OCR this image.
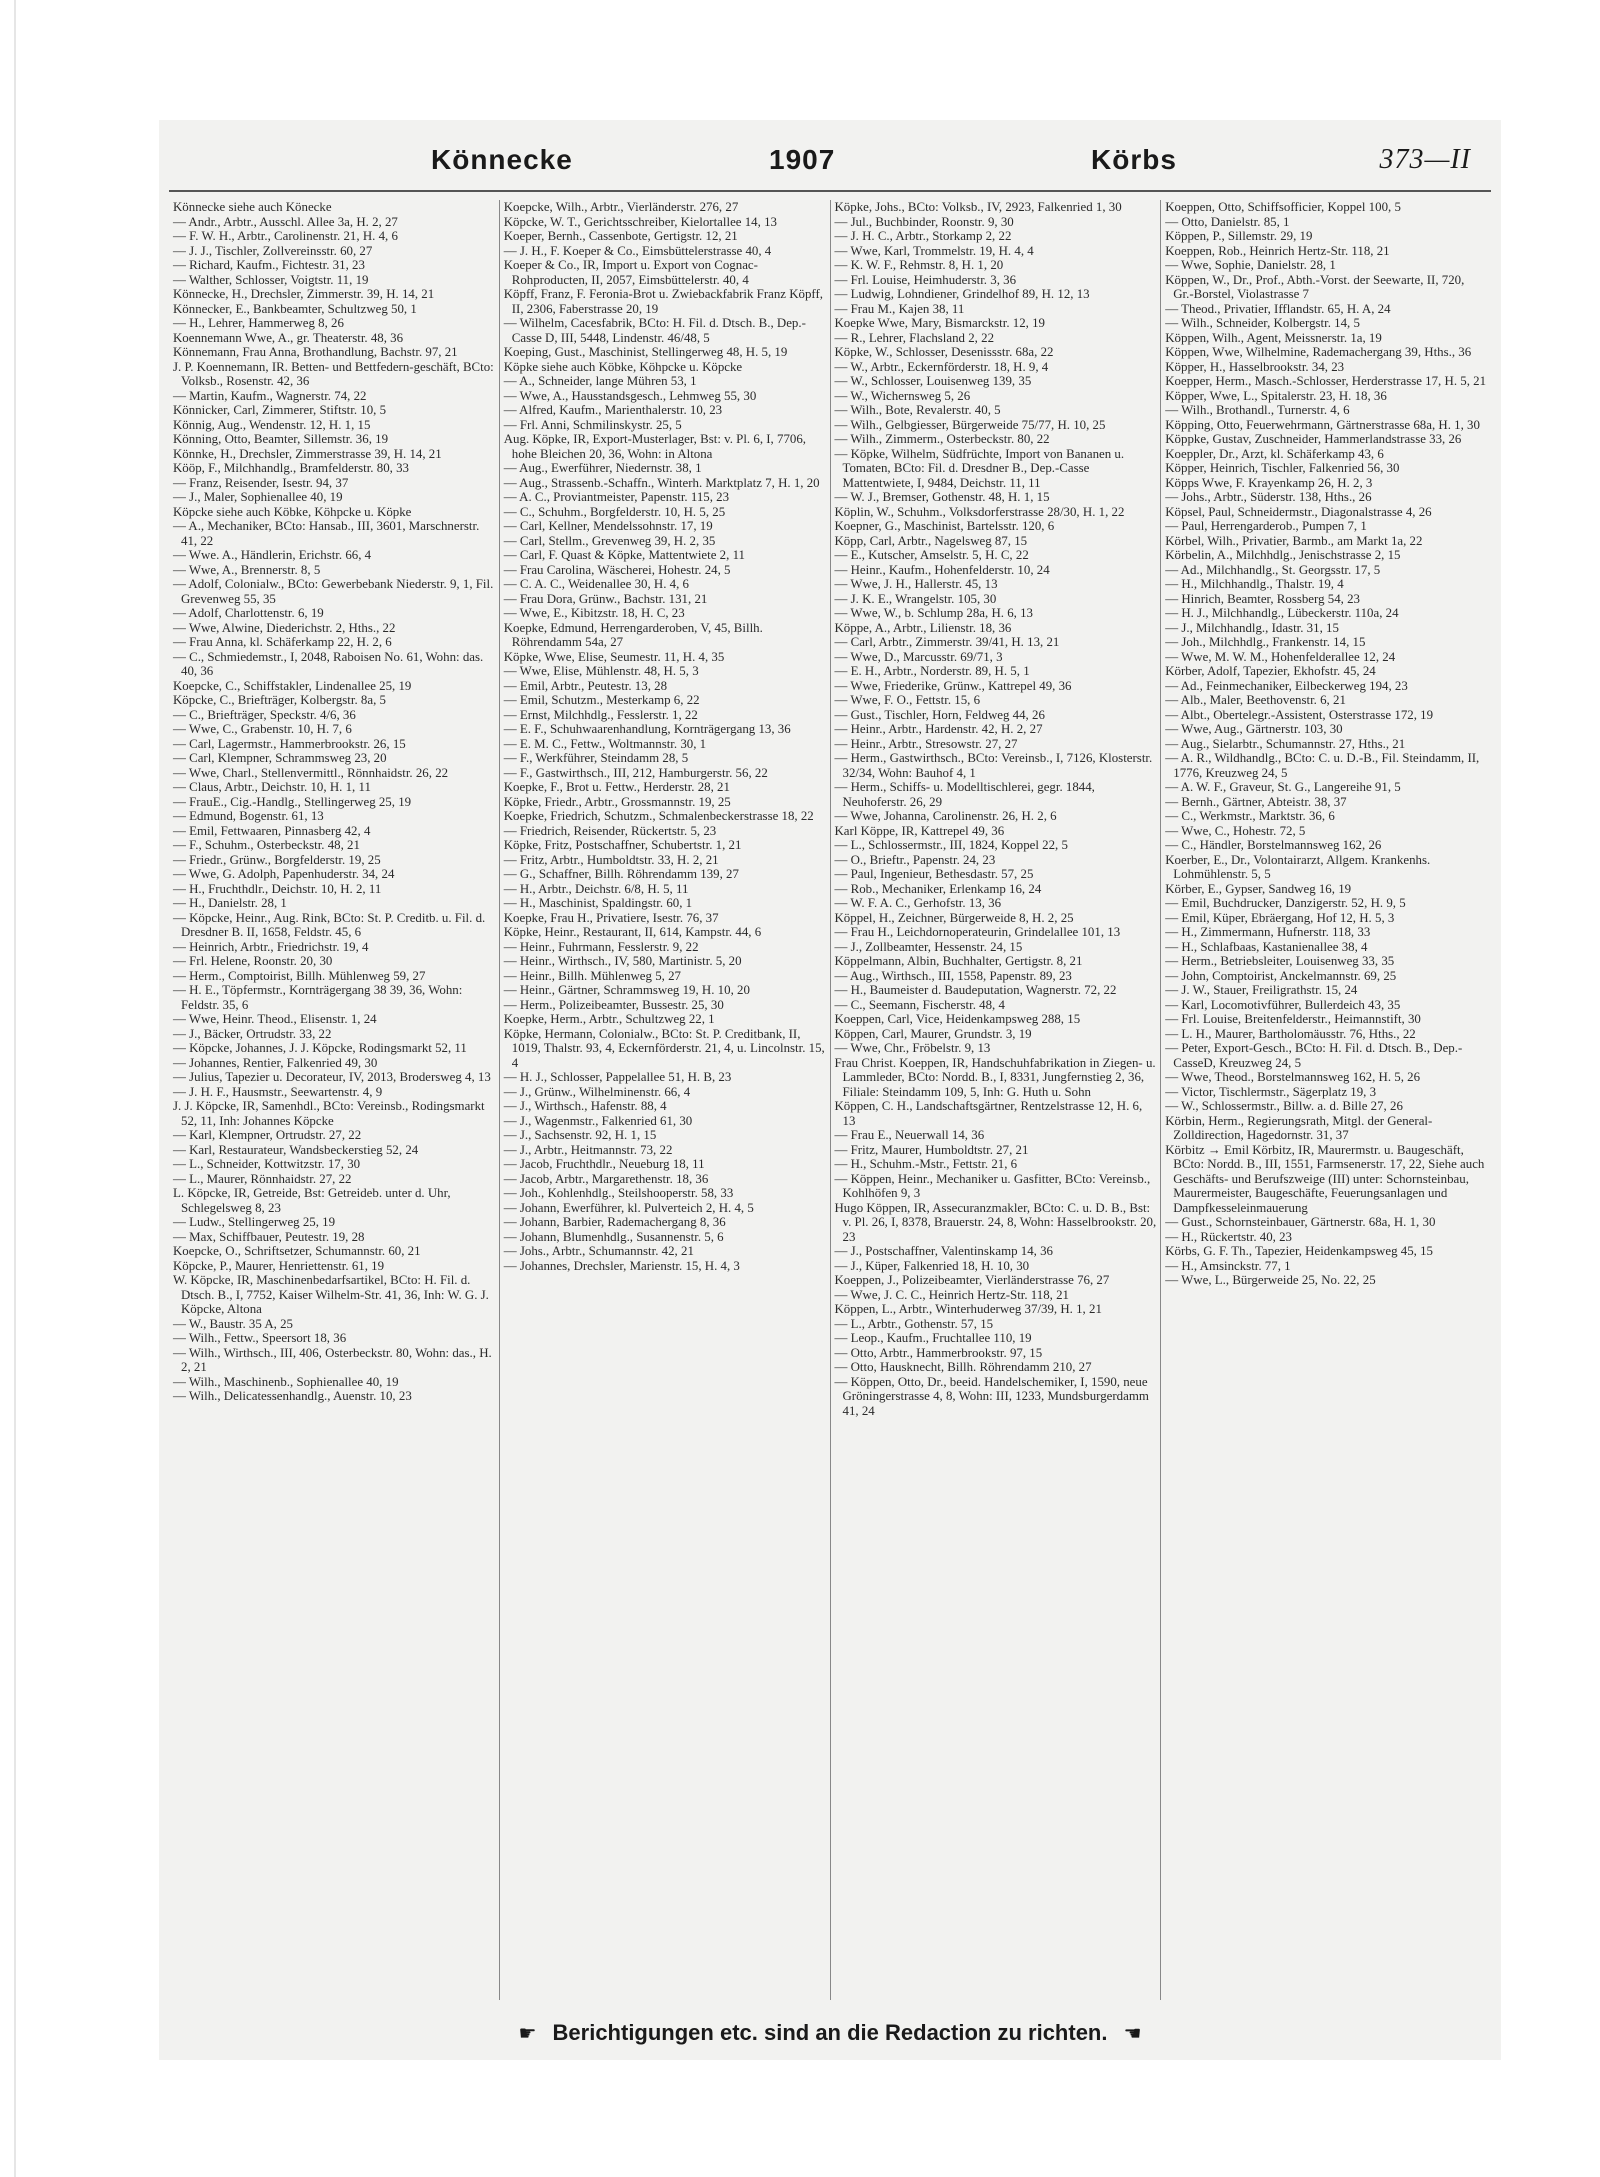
Könnecke	1907	Körbs	373—II

Könnecke siehe auch Könecke

— Andr., Arbtr., Ausschl. Allee 3a, H. 2, 27

— F. W. H., Arbtr., Carolinenstr. 21, H. 4, 6

— J. J., Tischler, Zollvereinsstr. 60, 27

— Richard, Kaufm., Fichtestr. 31, 23

— Walther, Schlosser, Voigtstr. 11, 19

Könnecke, H., Drechsler, Zimmerstr. 39, H. 14, 21

Könnecker, E., Bankbeamter, Schultzweg 50, 1

— H., Lehrer, Hammerweg 8, 26

Koennemann Wwe, A., gr. Theaterstr. 48, 36

Könnemann, Frau Anna, Brothandlung, Bachstr. 97, 21

J. P. Koennemann, IR. Betten- und Bettfedern-geschäft, BCto: Volksb., Rosenstr. 42, 36

— Martin, Kaufm., Wagnerstr. 74, 22

Könnicker, Carl, Zimmerer, Stiftstr. 10, 5

Könnig, Aug., Wendenstr. 12, H. 1, 15

Könning, Otto, Beamter, Sillemstr. 36, 19

Könnke, H., Drechsler, Zimmerstrasse 39, H. 14, 21

Kööp, F., Milchhandlg., Bramfelderstr. 80, 33

— Franz, Reisender, Isestr. 94, 37

— J., Maler, Sophienallee 40, 19

Köpcke siehe auch Köbke, Köhpcke u. Köpke

— A., Mechaniker, BCto: Hansab., III, 3601, Marschnerstr. 41, 22

— Wwe. A., Händlerin, Erichstr. 66, 4

— Wwe, A., Brennerstr. 8, 5

— Adolf, Colonialw., BCto: Gewerbebank Niederstr. 9, 1, Fil. Grevenweg 55, 35

— Adolf, Charlottenstr. 6, 19

— Wwe, Alwine, Diederichstr. 2, Hths., 22

— Frau Anna, kl. Schäferkamp 22, H. 2, 6

— C., Schmiedemstr., I, 2048, Raboisen No. 61, Wohn: das. 40, 36

Koepcke, C., Schiffstakler, Lindenallee 25, 19

Köpcke, C., Briefträger, Kolbergstr. 8a, 5

— C., Briefträger, Speckstr. 4/6, 36

— Wwe, C., Grabenstr. 10, H. 7, 6

— Carl, Lagermstr., Hammerbrookstr. 26, 15

— Carl, Klempner, Schrammsweg 23, 20

— Wwe, Charl., Stellenvermittl., Rönnhaidstr. 26, 22

— Claus, Arbtr., Deichstr. 10, H. 1, 11

— FrauE., Cig.-Handlg., Stellingerweg 25, 19

— Edmund, Bogenstr. 61, 13

— Emil, Fettwaaren, Pinnasberg 42, 4

— F., Schuhm., Osterbeckstr. 48, 21

— Friedr., Grünw., Borgfelderstr. 19, 25

— Wwe, G. Adolph, Papenhuderstr. 34, 24

— H., Fruchthdlr., Deichstr. 10, H. 2, 11

— H., Danielstr. 28, 1

— Köpcke, Heinr., Aug. Rink, BCto: St. P. Creditb. u. Fil. d. Dresdner B. II, 1658, Feldstr. 45, 6

— Heinrich, Arbtr., Friedrichstr. 19, 4

— Frl. Helene, Roonstr. 20, 30

— Herm., Comptoirist, Billh. Mühlenweg 59, 27

— H. E., Töpfermstr., Kornträgergang 38 39, 36, Wohn: Feldstr. 35, 6

— Wwe, Heinr. Theod., Elisenstr. 1, 24

— J., Bäcker, Ortrudstr. 33, 22

— Köpcke, Johannes, J. J. Köpcke, Rodingsmarkt 52, 11

— Johannes, Rentier, Falkenried 49, 30

— Julius, Tapezier u. Decorateur, IV, 2013, Brodersweg 4, 13

— J. H. F., Hausmstr., Seewartenstr. 4, 9

J. J. Köpcke, IR, Samenhdl., BCto: Vereinsb., Rodingsmarkt 52, 11, Inh: Johannes Köpcke

— Karl, Klempner, Ortrudstr. 27, 22

— Karl, Restaurateur, Wandsbeckerstieg 52, 24

— L., Schneider, Kottwitzstr. 17, 30

— L., Maurer, Rönnhaidstr. 27, 22

L. Köpcke, IR, Getreide, Bst: Getreideb. unter d. Uhr, Schlegelsweg 8, 23

— Ludw., Stellingerweg 25, 19

— Max, Schiffbauer, Peutestr. 19, 28

Koepcke, O., Schriftsetzer, Schumannstr. 60, 21

Köpcke, P., Maurer, Henriettenstr. 61, 19

W. Köpcke, IR, Maschinenbedarfsartikel, BCto: H. Fil. d. Dtsch. B., I, 7752, Kaiser Wilhelm-Str. 41, 36, Inh: W. G. J. Köpcke, Altona

— W., Baustr. 35 A, 25

— Wilh., Fettw., Speersort 18, 36

— Wilh., Wirthsch., III, 406, Osterbeckstr. 80, Wohn: das., H. 2, 21

— Wilh., Maschinenb., Sophienallee 40, 19

— Wilh., Delicatessenhandlg., Auenstr. 10, 23

Koepcke, Wilh., Arbtr., Vierländerstr. 276, 27

Köpcke, W. T., Gerichtsschreiber, Kielortallee 14, 13

Koeper, Bernh., Cassenbote, Gertigstr. 12, 21

— J. H., F. Koeper & Co., Eimsbüttelerstrasse 40, 4

Koeper & Co., IR, Import u. Export von Cognac-Rohproducten, II, 2057, Eimsbüttelerstr. 40, 4

Köpff, Franz, F. Feronia-Brot u. Zwiebackfabrik Franz Köpff, II, 2306, Faberstrasse 20, 19

— Wilhelm, Cacesfabrik, BCto: H. Fil. d. Dtsch. B., Dep.-Casse D, III, 5448, Lindenstr. 46/48, 5

Koeping, Gust., Maschinist, Stellingerweg 48, H. 5, 19

Köpke siehe auch Köbke, Köhpcke u. Köpcke

— A., Schneider, lange Mühren 53, 1

— Wwe, A., Hausstandsgesch., Lehmweg 55, 30

— Alfred, Kaufm., Marienthalerstr. 10, 23

— Frl. Anni, Schmilinskystr. 25, 5

Aug. Köpke, IR, Export-Musterlager, Bst: v. Pl. 6, I, 7706, hohe Bleichen 20, 36, Wohn: in Altona

— Aug., Ewerführer, Niedernstr. 38, 1

— Aug., Strassenb.-Schaffn., Winterh. Marktplatz 7, H. 1, 20

— A. C., Proviantmeister, Papenstr. 115, 23

— C., Schuhm., Borgfelderstr. 10, H. 5, 25

— Carl, Kellner, Mendelssohnstr. 17, 19

— Carl, Stellm., Grevenweg 39, H. 2, 35

— Carl, F. Quast & Köpke, Mattentwiete 2, 11

— Frau Carolina, Wäscherei, Hohestr. 24, 5

— C. A. C., Weidenallee 30, H. 4, 6

— Frau Dora, Grünw., Bachstr. 131, 21

— Wwe, E., Kibitzstr. 18, H. C, 23

Koepke, Edmund, Herrengarderoben, V, 45, Billh. Röhrendamm 54a, 27

Köpke, Wwe, Elise, Seumestr. 11, H. 4, 35

— Wwe, Elise, Mühlenstr. 48, H. 5, 3

— Emil, Arbtr., Peutestr. 13, 28

— Emil, Schutzm., Mesterkamp 6, 22

— Ernst, Milchhdlg., Fesslerstr. 1, 22

— E. F., Schuhwaarenhandlung, Kornträgergang 13, 36

— E. M. C., Fettw., Woltmannstr. 30, 1

— F., Werkführer, Steindamm 28, 5

— F., Gastwirthsch., III, 212, Hamburgerstr. 56, 22

Koepke, F., Brot u. Fettw., Herderstr. 28, 21

Köpke, Friedr., Arbtr., Grossmannstr. 19, 25

Koepke, Friedrich, Schutzm., Schmalenbeckerstrasse 18, 22

— Friedrich, Reisender, Rückertstr. 5, 23

Köpke, Fritz, Postschaffner, Schubertstr. 1, 21

— Fritz, Arbtr., Humboldtstr. 33, H. 2, 21

— G., Schaffner, Billh. Röhrendamm 139, 27

— H., Arbtr., Deichstr. 6/8, H. 5, 11

— H., Maschinist, Spaldingstr. 60, 1

Koepke, Frau H., Privatiere, Isestr. 76, 37

Köpke, Heinr., Restaurant, II, 614, Kampstr. 44, 6

— Heinr., Fuhrmann, Fesslerstr. 9, 22

— Heinr., Wirthsch., IV, 580, Martinistr. 5, 20

— Heinr., Billh. Mühlenweg 5, 27

— Heinr., Gärtner, Schrammsweg 19, H. 10, 20

— Herm., Polizeibeamter, Bussestr. 25, 30

Koepke, Herm., Arbtr., Schultzweg 22, 1

Köpke, Hermann, Colonialw., BCto: St. P. Creditbank, II, 1019, Thalstr. 93, 4, Eckernförderstr. 21, 4, u. Lincolnstr. 15, 4

— H. J., Schlosser, Pappelallee 51, H. B, 23

— J., Grünw., Wilhelminenstr. 66, 4

— J., Wirthsch., Hafenstr. 88, 4

— J., Wagenmstr., Falkenried 61, 30

— J., Sachsenstr. 92, H. 1, 15

— J., Arbtr., Heitmannstr. 73, 22

— Jacob, Fruchthdlr., Neueburg 18, 11

— Jacob, Arbtr., Margarethenstr. 18, 36

— Joh., Kohlenhdlg., Steilshooperstr. 58, 33

— Johann, Ewerführer, kl. Pulverteich 2, H. 4, 5

— Johann, Barbier, Rademachergang 8, 36

— Johann, Blumenhdlg., Susannenstr. 5, 6

— Johs., Arbtr., Schumannstr. 42, 21

— Johannes, Drechsler, Marienstr. 15, H. 4, 3

Köpke, Johs., BCto: Volksb., IV, 2923, Falkenried 1, 30

— Jul., Buchbinder, Roonstr. 9, 30

— J. H. C., Arbtr., Storkamp 2, 22

— Wwe, Karl, Trommelstr. 19, H. 4, 4

— K. W. F., Rehmstr. 8, H. 1, 20

— Frl. Louise, Heimhuderstr. 3, 36

— Ludwig, Lohndiener, Grindelhof 89, H. 12, 13

— Frau M., Kajen 38, 11

Koepke Wwe, Mary, Bismarckstr. 12, 19

— R., Lehrer, Flachsland 2, 22

Köpke, W., Schlosser, Desenissstr. 68a, 22

— W., Arbtr., Eckernförderstr. 18, H. 9, 4

— W., Schlosser, Louisenweg 139, 35

— W., Wichernsweg 5, 26

— Wilh., Bote, Revalerstr. 40, 5

— Wilh., Gelbgiesser, Bürgerweide 75/77, H. 10, 25

— Wilh., Zimmerm., Osterbeckstr. 80, 22

— Köpke, Wilhelm, Südfrüchte, Import von Bananen u. Tomaten, BCto: Fil. d. Dresdner B., Dep.-Casse Mattentwiete, I, 9484, Deichstr. 11, 11

— W. J., Bremser, Gothenstr. 48, H. 1, 15

Köplin, W., Schuhm., Volksdorferstrasse 28/30, H. 1, 22

Koepner, G., Maschinist, Bartelsstr. 120, 6

Köpp, Carl, Arbtr., Nagelsweg 87, 15

— E., Kutscher, Amselstr. 5, H. C, 22

— Heinr., Kaufm., Hohenfelderstr. 10, 24

— Wwe, J. H., Hallerstr. 45, 13

— J. K. E., Wrangelstr. 105, 30

— Wwe, W., b. Schlump 28a, H. 6, 13

Köppe, A., Arbtr., Lilienstr. 18, 36

— Carl, Arbtr., Zimmerstr. 39/41, H. 13, 21

— Wwe, D., Marcusstr. 69/71, 3

— E. H., Arbtr., Norderstr. 89, H. 5, 1

— Wwe, Friederike, Grünw., Kattrepel 49, 36

— Wwe, F. O., Fettstr. 15, 6

— Gust., Tischler, Horn, Feldweg 44, 26

— Heinr., Arbtr., Hardenstr. 42, H. 2, 27

— Heinr., Arbtr., Stresowstr. 27, 27

— Herm., Gastwirthsch., BCto: Vereinsb., I, 7126, Klosterstr. 32/34, Wohn: Bauhof 4, 1

— Herm., Schiffs- u. Modelltischlerei, gegr. 1844, Neuhoferstr. 26, 29

— Wwe, Johanna, Carolinenstr. 26, H. 2, 6

Karl Köppe, IR, Kattrepel 49, 36

— L., Schlossermstr., III, 1824, Koppel 22, 5

— O., Brieftr., Papenstr. 24, 23

— Paul, Ingenieur, Bethesdastr. 57, 25

— Rob., Mechaniker, Erlenkamp 16, 24

— W. F. A. C., Gerhofstr. 13, 36

Köppel, H., Zeichner, Bürgerweide 8, H. 2, 25

— Frau H., Leichdornoperateurin, Grindelallee 101, 13

— J., Zollbeamter, Hessenstr. 24, 15

Köppelmann, Albin, Buchhalter, Gertigstr. 8, 21

— Aug., Wirthsch., III, 1558, Papenstr. 89, 23

— H., Baumeister d. Baudeputation, Wagnerstr. 72, 22

— C., Seemann, Fischerstr. 48, 4

Koeppen, Carl, Vice, Heidenkampsweg 288, 15

Köppen, Carl, Maurer, Grundstr. 3, 19

— Wwe, Chr., Fröbelstr. 9, 13

Frau Christ. Koeppen, IR, Handschuhfabrikation in Ziegen- u. Lammleder, BCto: Nordd. B., I, 8331, Jungfernstieg 2, 36, Filiale: Steindamm 109, 5, Inh: G. Huth u. Sohn

Köppen, C. H., Landschaftsgärtner, Rentzelstrasse 12, H. 6, 13

— Frau E., Neuerwall 14, 36

— Fritz, Maurer, Humboldtstr. 27, 21

— H., Schuhm.-Mstr., Fettstr. 21, 6

— Köppen, Heinr., Mechaniker u. Gasfitter, BCto: Vereinsb., Kohlhöfen 9, 3

Hugo Köppen, IR, Assecuranzmakler, BCto: C. u. D. B., Bst: v. Pl. 26, I, 8378, Brauerstr. 24, 8, Wohn: Hasselbrookstr. 20, 23

— J., Postschaffner, Valentinskamp 14, 36

— J., Küper, Falkenried 18, H. 10, 30

Koeppen, J., Polizeibeamter, Vierländerstrasse 76, 27

— Wwe, J. C. C., Heinrich Hertz-Str. 118, 21

Köppen, L., Arbtr., Winterhuderweg 37/39, H. 1, 21

— L., Arbtr., Gothenstr. 57, 15

— Leop., Kaufm., Fruchtallee 110, 19

— Otto, Arbtr., Hammerbrookstr. 97, 15

— Otto, Hausknecht, Billh. Röhrendamm 210, 27

— Köppen, Otto, Dr., beeid. Handelschemiker, I, 1590, neue Gröningerstrasse 4, 8, Wohn: III, 1233, Mundsburgerdamm 41, 24

Koeppen, Otto, Schiffsofficier, Koppel 100, 5

— Otto, Danielstr. 85, 1

Köppen, P., Sillemstr. 29, 19

Koeppen, Rob., Heinrich Hertz-Str. 118, 21

— Wwe, Sophie, Danielstr. 28, 1

Köppen, W., Dr., Prof., Abth.-Vorst. der Seewarte, II, 720, Gr.-Borstel, Violastrasse 7

— Theod., Privatier, Ifflandstr. 65, H. A, 24

— Wilh., Schneider, Kolbergstr. 14, 5

Köppen, Wilh., Agent, Meissnerstr. 1a, 19

Köppen, Wwe, Wilhelmine, Rademachergang 39, Hths., 36

Köpper, H., Hasselbrookstr. 34, 23

Koepper, Herm., Masch.-Schlosser, Herderstrasse 17, H. 5, 21

Köpper, Wwe, L., Spitalerstr. 23, H. 18, 36

— Wilh., Brothandl., Turnerstr. 4, 6

Köpping, Otto, Feuerwehrmann, Gärtnerstrasse 68a, H. 1, 30

Köppke, Gustav, Zuschneider, Hammerlandstrasse 33, 26

Koeppler, Dr., Arzt, kl. Schäferkamp 43, 6

Köpper, Heinrich, Tischler, Falkenried 56, 30

Köpps Wwe, F. Krayenkamp 26, H. 2, 3

— Johs., Arbtr., Süderstr. 138, Hths., 26

Köpsel, Paul, Schneidermstr., Diagonalstrasse 4, 26

— Paul, Herrengarderob., Pumpen 7, 1

Körbel, Wilh., Privatier, Barmb., am Markt 1a, 22

Körbelin, A., Milchhdlg., Jenischstrasse 2, 15

— Ad., Milchhandlg., St. Georgsstr. 17, 5

— H., Milchhandlg., Thalstr. 19, 4

— Hinrich, Beamter, Rossberg 54, 23

— H. J., Milchhandlg., Lübeckerstr. 110a, 24

— J., Milchhandlg., Idastr. 31, 15

— Joh., Milchhdlg., Frankenstr. 14, 15

— Wwe, M. W. M., Hohenfelderallee 12, 24

Körber, Adolf, Tapezier, Ekhofstr. 45, 24

— Ad., Feinmechaniker, Eilbeckerweg 194, 23

— Alb., Maler, Beethovenstr. 6, 21

— Albt., Obertelegr.-Assistent, Osterstrasse 172, 19

— Wwe, Aug., Gärtnerstr. 103, 30

— Aug., Sielarbtr., Schumannstr. 27, Hths., 21

— A. R., Wildhandlg., BCto: C. u. D.-B., Fil. Steindamm, II, 1776, Kreuzweg 24, 5

— A. W. F., Graveur, St. G., Langereihe 91, 5

— Bernh., Gärtner, Abteistr. 38, 37

— C., Werkmstr., Marktstr. 36, 6

— Wwe, C., Hohestr. 72, 5

— C., Händler, Borstelmannsweg 162, 26

Koerber, E., Dr., Volontairarzt, Allgem. Krankenhs. Lohmühlenstr. 5, 5

Körber, E., Gypser, Sandweg 16, 19

— Emil, Buchdrucker, Danzigerstr. 52, H. 9, 5

— Emil, Küper, Ebräergang, Hof 12, H. 5, 3

— H., Zimmermann, Hufnerstr. 118, 33

— H., Schlafbaas, Kastanienallee 38, 4

— Herm., Betriebsleiter, Louisenweg 33, 35

— John, Comptoirist, Anckelmannstr. 69, 25

— J. W., Stauer, Freiligrathstr. 15, 24

— Karl, Locomotivführer, Bullerdeich 43, 35

— Frl. Louise, Breitenfelderstr., Heimannstift, 30

— L. H., Maurer, Bartholomäusstr. 76, Hths., 22

— Peter, Export-Gesch., BCto: H. Fil. d. Dtsch. B., Dep.-CasseD, Kreuzweg 24, 5

— Wwe, Theod., Borstelmannsweg 162, H. 5, 26

— Victor, Tischlermstr., Sägerplatz 19, 3

— W., Schlossermstr., Billw. a. d. Bille 27, 26

Körbin, Herm., Regierungsrath, Mitgl. der General-Zolldirection, Hagedornstr. 31, 37

Körbitz → Emil Körbitz, IR, Maurermstr. u. Baugeschäft, BCto: Nordd. B., III, 1551, Farmsenerstr. 17, 22, Siehe auch Geschäfts- und Berufszweige (III) unter: Schornsteinbau, Maurermeister, Baugeschäfte, Feuerungsanlagen und Dampfkesseleinmauerung

— Gust., Schornsteinbauer, Gärtnerstr. 68a, H. 1, 30

— H., Rückertstr. 40, 23

Körbs, G. F. Th., Tapezier, Heidenkampsweg 45, 15

— H., Amsinckstr. 77, 1

— Wwe, L., Bürgerweide 25, No. 22, 25

☛ Berichtigungen etc. sind an die Redaction zu richten. ☚
